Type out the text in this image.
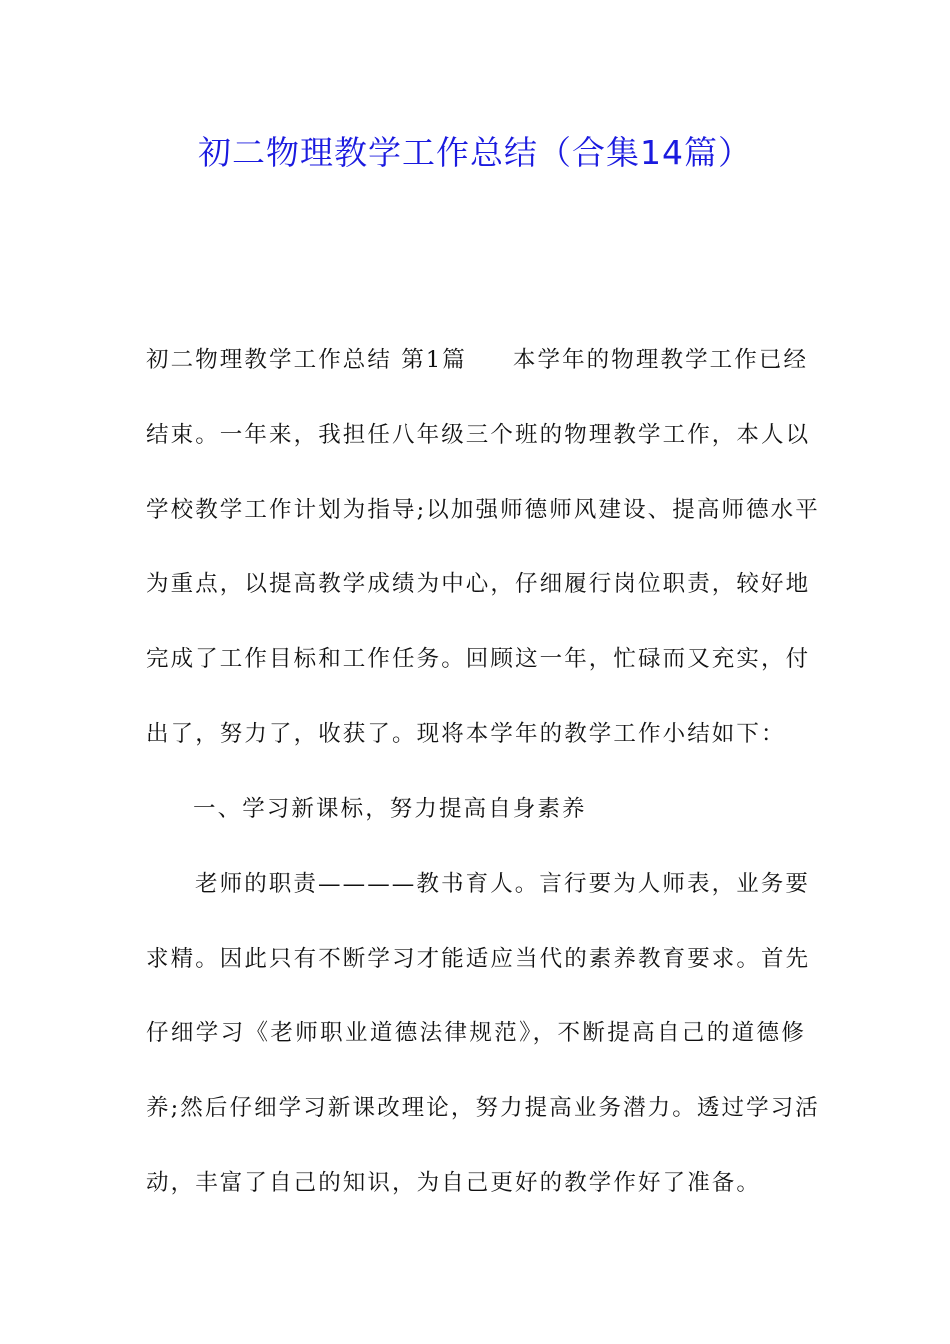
初二物理教学工作总结（合集14篇）
初二物理教学工作总结 第1篇 本学年的物理教学工作已经
结束。一年来，我担任八年级三个班的物理教学工作，本人以
学校教学工作计划为指导;以加强师德师风建设、提高师德水平
为重点，以提高教学成绩为中心，仔细履行岗位职责，较好地
完成了工作目标和工作任务。回顾这一年，忙碌而又充实，付
出了，努力了，收获了。现将本学年的教学工作小结如下：
一、学习新课标，努力提高自身素养
老师的职责————教书育人。言行要为人师表，业务要
求精。因此只有不断学习才能适应当代的素养教育要求。首先
仔细学习《老师职业道德法律规范》，不断提高自己的道德修
养;然后仔细学习新课改理论，努力提高业务潜力。透过学习活
动，丰富了自己的知识，为自己更好的教学作好了准备。
